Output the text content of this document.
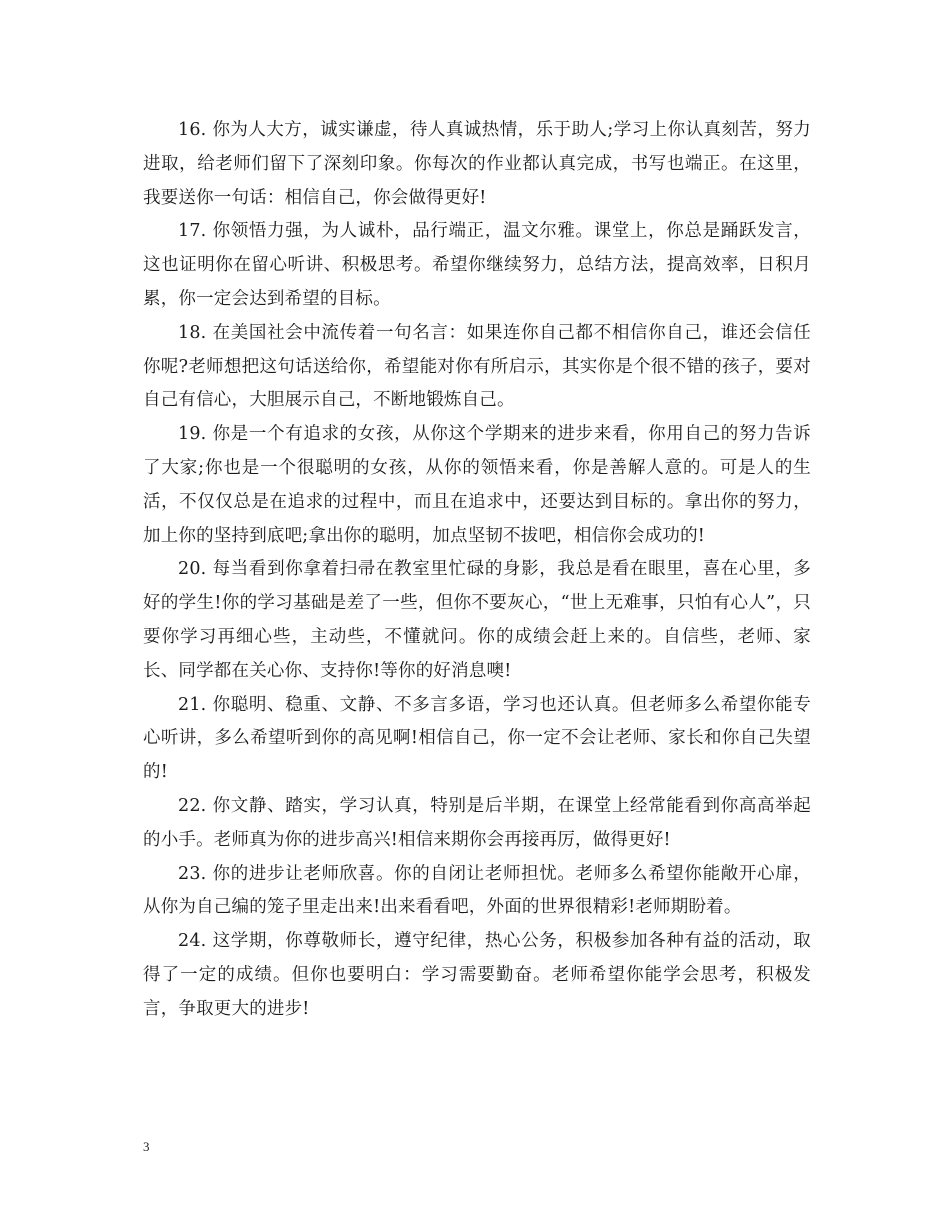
16. 你为人大方，诚实谦虚，待人真诚热情，乐于助人;学习上你认真刻苦，努力进取，给老师们留下了深刻印象。你每次的作业都认真完成，书写也端正。在这里，我要送你一句话：相信自己，你会做得更好!

17. 你领悟力强，为人诚朴，品行端正，温文尔雅。课堂上，你总是踊跃发言，这也证明你在留心听讲、积极思考。希望你继续努力，总结方法，提高效率，日积月累，你一定会达到希望的目标。

18. 在美国社会中流传着一句名言：如果连你自己都不相信你自己，谁还会信任你呢?老师想把这句话送给你，希望能对你有所启示，其实你是个很不错的孩子，要对自己有信心，大胆展示自己，不断地锻炼自己。

19. 你是一个有追求的女孩，从你这个学期来的进步来看，你用自己的努力告诉了大家;你也是一个很聪明的女孩，从你的领悟来看，你是善解人意的。可是人的生活，不仅仅总是在追求的过程中，而且在追求中，还要达到目标的。拿出你的努力，加上你的坚持到底吧;拿出你的聪明，加点坚韧不拔吧，相信你会成功的!

20. 每当看到你拿着扫帚在教室里忙碌的身影，我总是看在眼里，喜在心里，多好的学生!你的学习基础是差了一些，但你不要灰心，“世上无难事，只怕有心人”，只要你学习再细心些，主动些，不懂就问。你的成绩会赶上来的。自信些，老师、家长、同学都在关心你、支持你!等你的好消息噢!

21. 你聪明、稳重、文静、不多言多语，学习也还认真。但老师多么希望你能专心听讲，多么希望听到你的高见啊!相信自己，你一定不会让老师、家长和你自己失望的!

22. 你文静、踏实，学习认真，特别是后半期，在课堂上经常能看到你高高举起的小手。老师真为你的进步高兴!相信来期你会再接再厉，做得更好!

23. 你的进步让老师欣喜。你的自闭让老师担忧。老师多么希望你能敞开心扉，从你为自己编的笼子里走出来!出来看看吧，外面的世界很精彩!老师期盼着。

24. 这学期，你尊敬师长，遵守纪律，热心公务，积极参加各种有益的活动，取得了一定的成绩。但你也要明白：学习需要勤奋。老师希望你能学会思考，积极发言，争取更大的进步!

3
